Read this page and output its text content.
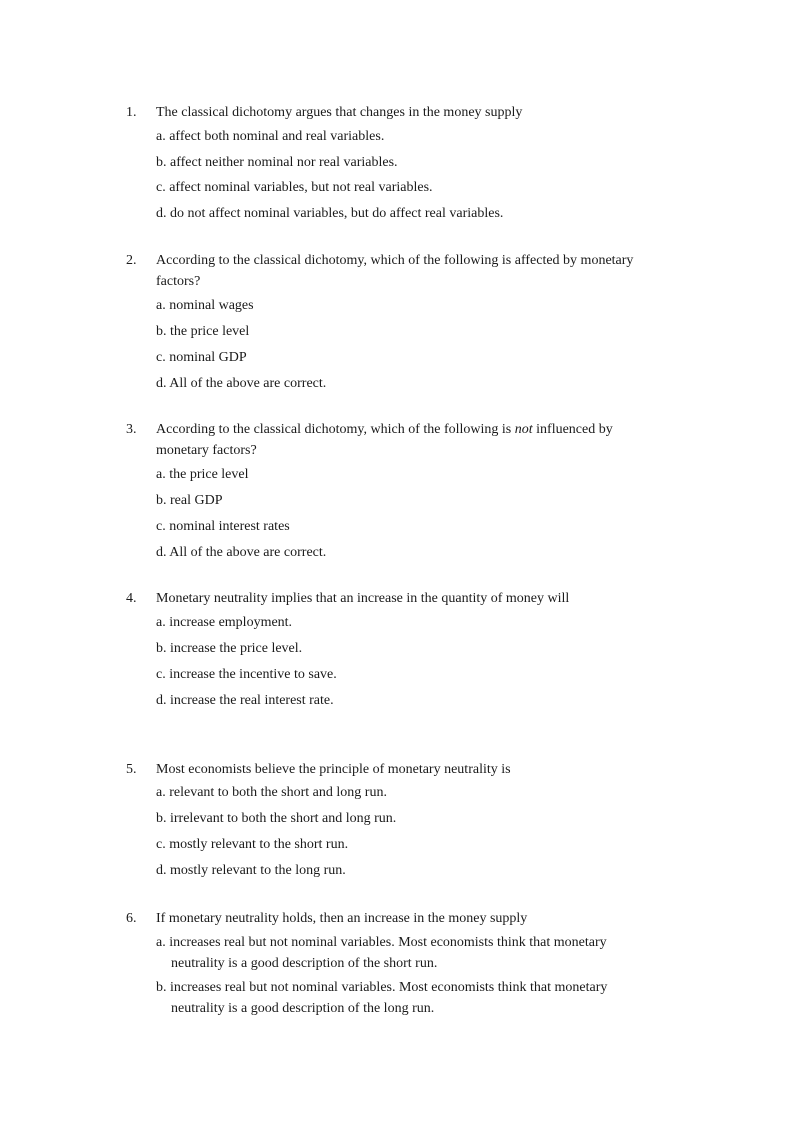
1. The classical dichotomy argues that changes in the money supply
a. affect both nominal and real variables.
b. affect neither nominal nor real variables.
c. affect nominal variables, but not real variables.
d. do not affect nominal variables, but do affect real variables.
2. According to the classical dichotomy, which of the following is affected by monetary factors?
a. nominal wages
b. the price level
c. nominal GDP
d. All of the above are correct.
3. According to the classical dichotomy, which of the following is not influenced by monetary factors?
a. the price level
b. real GDP
c. nominal interest rates
d. All of the above are correct.
4. Monetary neutrality implies that an increase in the quantity of money will
a. increase employment.
b. increase the price level.
c. increase the incentive to save.
d. increase the real interest rate.
5. Most economists believe the principle of monetary neutrality is
a. relevant to both the short and long run.
b. irrelevant to both the short and long run.
c. mostly relevant to the short run.
d. mostly relevant to the long run.
6. If monetary neutrality holds, then an increase in the money supply
a. increases real but not nominal variables. Most economists think that monetary neutrality is a good description of the short run.
b. increases real but not nominal variables. Most economists think that monetary neutrality is a good description of the long run.
